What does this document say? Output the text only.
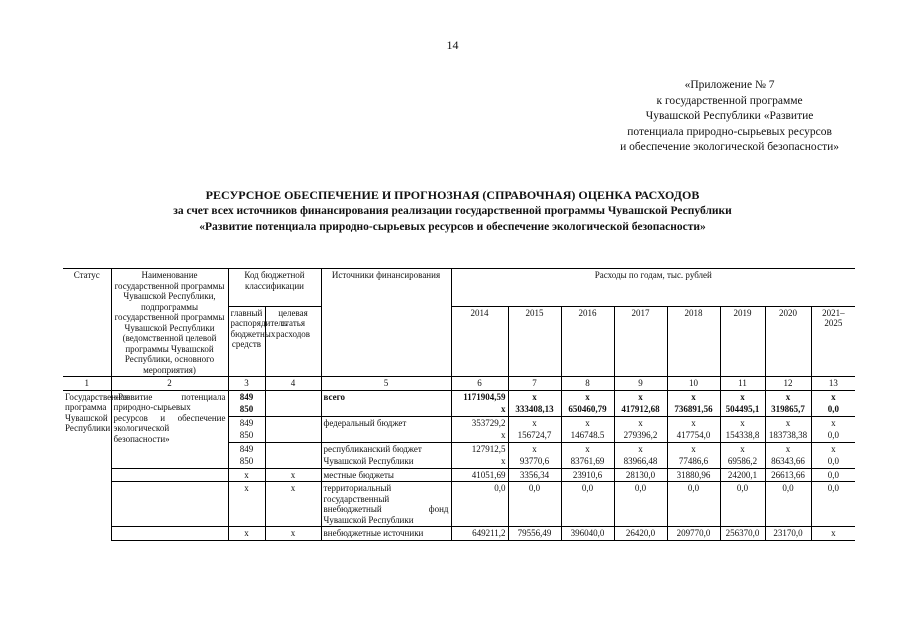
14
«Приложение № 7
к государственной программе
Чувашской Республики «Развитие
потенциала природно-сырьевых ресурсов
и обеспечение экологической безопасности»
РЕСУРСНОЕ ОБЕСПЕЧЕНИЕ И ПРОГНОЗНАЯ (СПРАВОЧНАЯ) ОЦЕНКА РАСХОДОВ
за счет всех источников финансирования реализации государственной программы Чувашской Республики
«Развитие потенциала природно-сырьевых ресурсов и обеспечение экологической безопасности»
Статус	Наименование государственной программы Чувашской Республики, подпрограммы государственной программы Чувашской Республики (ведомственной целевой программы Чувашской Республики, основного мероприятия)	Код бюджетной классификации		Источники финансирования	Расходы по годам, тыс. рублей							
		главный распорядитель бюджетных средств	целевая статья расходов		2014	2015	2016	2017	2018	2019	2020	2021–2025
1	2	3	4	5	6	7	8	9	10	11	12	13
Государственная программа Чувашской Республики	«Развитие потенциала природно-сырьевых ресурсов и обеспечение экологической безопасности»	849		всего	1171904,59	x	x	x	x	x	x	x
		850			x	333408,13	650460,79	417912,68	736891,56	504495,1	319865,7	0,0
		849		федеральный бюджет	353729,2	x	x	x	x	x	x	x
		850			x	156724,7	146748.5	279396,2	417754,0	154338,8	183738,38	0,0
		849		республиканский бюджет	127912,5	x	x	x	x	x	x	x
		850		Чувашской Республики	x	93770,6	83761,69	83966,48	77486,6	69586,2	86343,66	0,0
		x	x	местные бюджеты	41051,69	3356,34	23910,6	28130,0	31880,96	24200,1	26613,66	0,0
		x	x	территориальный государственный внебюджетный фонд Чувашской Республики	0,0	0,0	0,0	0,0	0,0	0,0	0,0	0,0
		x	x	внебюджетные источники	649211,2	79556,49	396040,0	26420,0	209770,0	256370,0	23170,0	x
